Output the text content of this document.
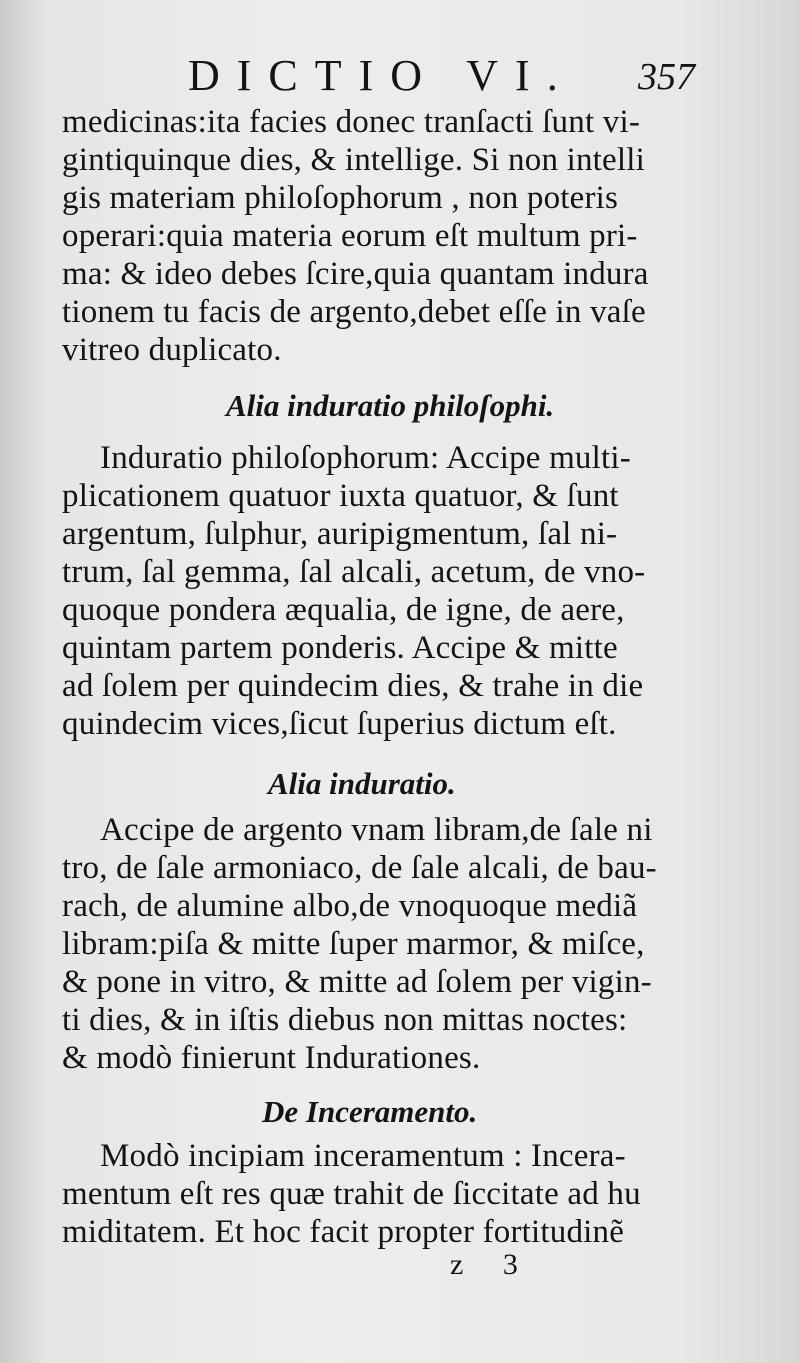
DICTIO VI. 357
medicinas:ita facies donec tranſacti ſunt vi-
gintiquinque dies, & intellige. Si non intelli
gis materiam philoſophorum , non poteris
operari:quia materia eorum eſt multum pri-
ma: & ideo debes ſcire,quia quantam indura
tionem tu facis de argento,debet eſſe in vaſe
vitreo duplicato.
Alia induratio philoſophi.
Induratio philoſophorum: Accipe multi-
plicationem quatuor iuxta quatuor, & ſunt
argentum, ſulphur, auripigmentum, ſal ni-
trum, ſal gemma, ſal alcali, acetum, de vno-
quoque pondera æqualia, de igne, de aere,
quintam partem ponderis. Accipe & mitte
ad ſolem per quindecim dies, & trahe in die
quindecim vices,ſicut ſuperius dictum eſt.
Alia induratio.
Accipe de argento vnam libram,de ſale ni
tro, de ſale armoniaco, de ſale alcali, de bau-
rach, de alumine albo,de vnoquoque mediã
libram:piſa & mitte ſuper marmor, & miſce,
& pone in vitro, & mitte ad ſolem per vigin-
ti dies, & in iſtis diebus non mittas noctes:
& modò finierunt Indurationes.
De Inceramento.
Modò incipiam inceramentum : Incera-
mentum eſt res quæ trahit de ſiccitate ad hu
miditatem. Et hoc facit propter fortitudinẽ
z 3
